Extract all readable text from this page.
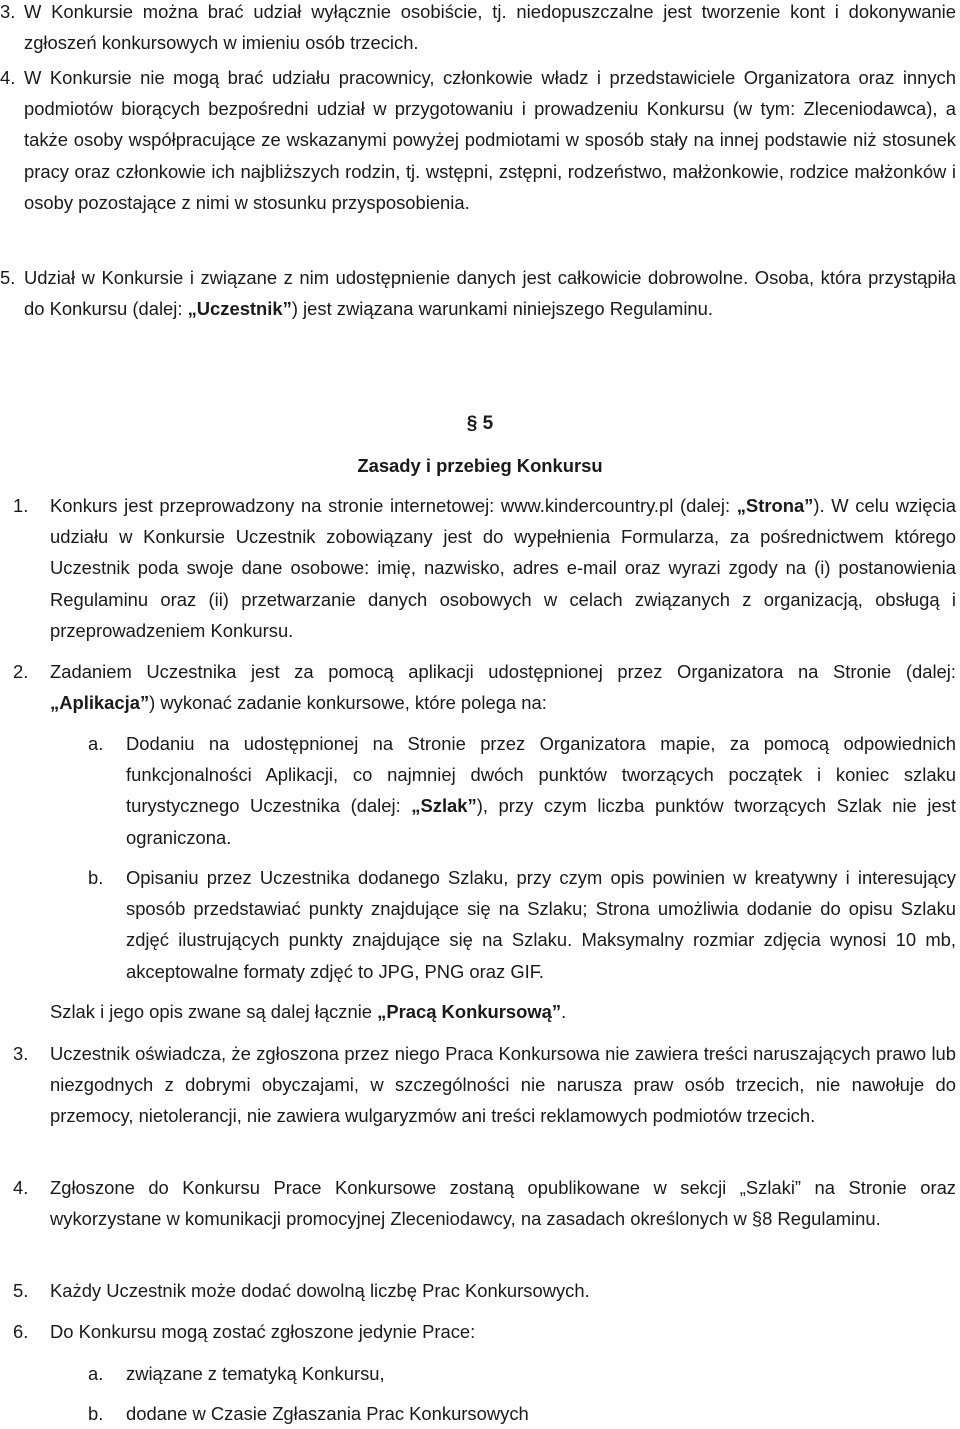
3. W Konkursie można brać udział wyłącznie osobiście, tj. niedopuszczalne jest tworzenie kont i dokonywanie zgłoszeń konkursowych w imieniu osób trzecich.
4. W Konkursie nie mogą brać udziału pracownicy, członkowie władz i przedstawiciele Organizatora oraz innych podmiotów biorących bezpośredni udział w przygotowaniu i prowadzeniu Konkursu (w tym: Zleceniodawca), a także osoby współpracujące ze wskazanymi powyżej podmiotami w sposób stały na innej podstawie niż stosunek pracy oraz członkowie ich najbliższych rodzin, tj. wstępni, zstępni, rodzeństwo, małżonkowie, rodzice małżonków i osoby pozostające z nimi w stosunku przysposobienia.
5. Udział w Konkursie i związane z nim udostępnienie danych jest całkowicie dobrowolne. Osoba, która przystąpiła do Konkursu (dalej: „Uczestnik”) jest związana warunkami niniejszego Regulaminu.
§ 5
Zasady i przebieg Konkursu
1. Konkurs jest przeprowadzony na stronie internetowej: www.kindercountry.pl (dalej: „Strona”). W celu wzięcia udziału w Konkursie Uczestnik zobowiązany jest do wypełnienia Formularza, za pośrednictwem którego Uczestnik poda swoje dane osobowe: imię, nazwisko, adres e-mail oraz wyrazi zgody na (i) postanowienia Regulaminu oraz (ii) przetwarzanie danych osobowych w celach związanych z organizacją, obsługą i przeprowadzeniem Konkursu.
2. Zadaniem Uczestnika jest za pomocą aplikacji udostępnionej przez Organizatora na Stronie (dalej: „Aplikacja”) wykonać zadanie konkursowe, które polega na:
a. Dodaniu na udostępnionej na Stronie przez Organizatora mapie, za pomocą odpowiednich funkcjonalności Aplikacji, co najmniej dwóch punktów tworzących początek i koniec szlaku turystycznego Uczestnika (dalej: „Szlak”), przy czym liczba punktów tworzących Szlak nie jest ograniczona.
b. Opisaniu przez Uczestnika dodanego Szlaku, przy czym opis powinien w kreatywny i interesujący sposób przedstawiać punkty znajdujące się na Szlaku; Strona umożliwia dodanie do opisu Szlaku zdjęć ilustrujących punkty znajdujące się na Szlaku. Maksymalny rozmiar zdjęcia wynosi 10 mb, akceptowalne formaty zdjęć to JPG, PNG oraz GIF.
Szlak i jego opis zwane są dalej łącznie „Pracą Konkursową”.
3. Uczestnik oświadcza, że zgłoszona przez niego Praca Konkursowa nie zawiera treści naruszających prawo lub niezgodnych z dobrymi obyczajami, w szczególności nie narusza praw osób trzecich, nie nawołuje do przemocy, nietolerancji, nie zawiera wulgaryzmów ani treści reklamowych podmiotów trzecich.
4. Zgłoszone do Konkursu Prace Konkursowe zostaną opublikowane w sekcji „Szlaki” na Stronie oraz wykorzystane w komunikacji promocyjnej Zleceniodawcy, na zasadach określonych w §8 Regulaminu.
5. Każdy Uczestnik może dodać dowolną liczbę Prac Konkursowych.
6. Do Konkursu mogą zostać zgłoszone jedynie Prace:
a. związane z tematyką Konkursu,
b. dodane w Czasie Zgłaszania Prac Konkursowych
